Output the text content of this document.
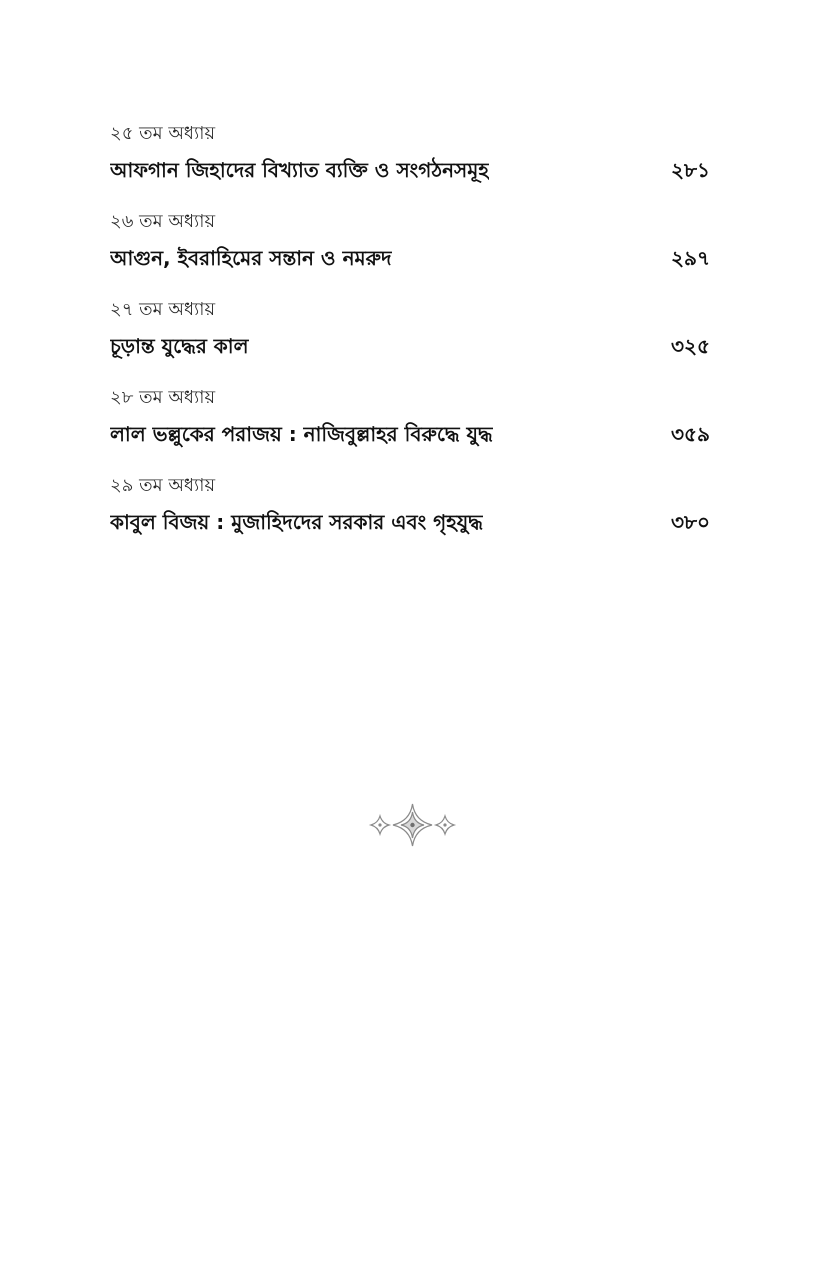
২৫ তম অধ্যায়
আফগান জিহাদের বিখ্যাত ব্যক্তি ও সংগঠনসমূহ	২৮১
২৬ তম অধ্যায়
আগুন, ইবরাহিমের সন্তান ও নমরুদ	২৯৭
২৭ তম অধ্যায়
চূড়ান্ত যুদ্ধের কাল	৩২৫
২৮ তম অধ্যায়
লাল ভল্লুকের পরাজয় : নাজিবুল্লাহর বিরুদ্ধে যুদ্ধ	৩৫৯
২৯ তম অধ্যায়
কাবুল বিজয় : মুজাহিদদের সরকার এবং গৃহযুদ্ধ	৩৮০
